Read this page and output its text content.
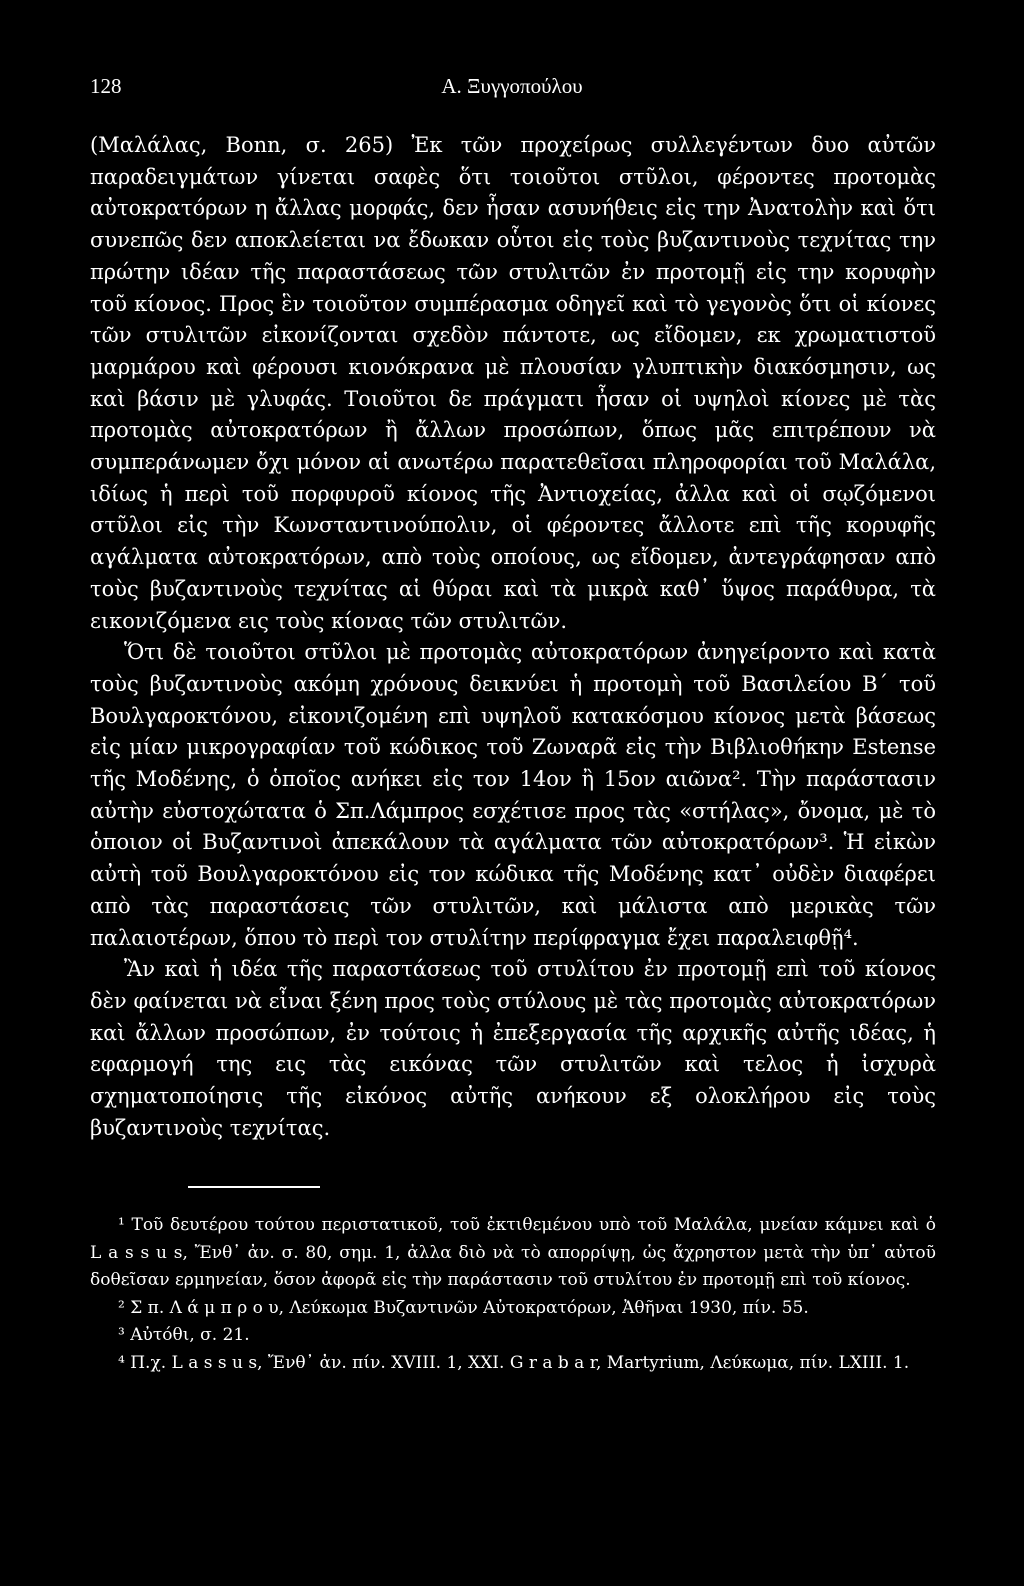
128	Α. Ξυγγοπούλου

(Μαλάλας, Bonn, σ. 265) Ἐκ τῶν προχείρως συλλεγέντων δυο αὐτῶν παραδειγμάτων γίνεται σαφὲς ὅτι τοιοῦτοι στῦλοι, φέροντες προτομὰς αὐτοκρατόρων η ἄλλας μορφάς, δεν ἦσαν ασυνήθεις εἰς την Ἀνατολὴν καὶ ὅτι συνεπῶς δεν αποκλείεται να ἔδωκαν οὗτοι εἰς τοὺς βυζαντινοὺς τεχνίτας την πρώτην ιδέαν τῆς παραστάσεως τῶν στυλιτῶν ἐν προτομῇ εἰς την κορυφὴν τοῦ κίονος. Προς ἓν τοιοῦτον συμπέρασμα οδηγεῖ καὶ τὸ γεγονὸς ὅτι οἱ κίονες τῶν στυλιτῶν εἰκονίζονται σχεδὸν πάντοτε, ως εἴδομεν, εκ χρωματιστοῦ μαρμάρου καὶ φέρουσι κιονόκρανα μὲ πλουσίαν γλυπτικὴν διακόσμησιν, ως καὶ βάσιν μὲ γλυφάς. Τοιοῦτοι δε πράγματι ἦσαν οἱ υψηλοὶ κίονες μὲ τὰς προτομὰς αὐτοκρατόρων ἢ ἄλλων προσώπων, ὅπως μᾶς επιτρέπουν νὰ συμπεράνωμεν ὄχι μόνον αἱ ανωτέρω παρατεθεῖσαι πληροφορίαι τοῦ Μαλάλα, ιδίως ἡ περὶ τοῦ πορφυροῦ κίονος τῆς Ἀντιοχείας, ἀλλα καὶ οἱ σῳζόμενοι στῦλοι εἰς τὴν Κωνσταντινούπολιν, οἱ φέροντες ἄλλοτε επὶ τῆς κορυφῆς αγάλματα αὐτοκρατόρων, απὸ τοὺς οποίους, ως εἴδομεν, ἀντεγράφησαν απὸ τοὺς βυζαντινοὺς τεχνίτας αἱ θύραι καὶ τὰ μικρὰ καθ᾽ ὕψος παράθυρα, τὰ εικονιζόμενα εις τοὺς κίονας τῶν στυλιτῶν.

Ὅτι δὲ τοιοῦτοι στῦλοι μὲ προτομὰς αὐτοκρατόρων ἀνηγείροντο καὶ κατὰ τοὺς βυζαντινοὺς ακόμη χρόνους δεικνύει ἡ προτομὴ τοῦ Βασιλείου Β΄ τοῦ Βουλγαροκτόνου, εἰκονιζομένη επὶ υψηλοῦ κατακόσμου κίονος μετὰ βάσεως εἰς μίαν μικρογραφίαν τοῦ κώδικος τοῦ Ζωναρᾶ εἰς τὴν Βιβλιοθήκην Estense τῆς Μοδένης, ὁ ὁποῖος ανήκει εἰς τον 14ον ἢ 15ον αιῶνα². Τὴν παράστασιν αὐτὴν εὐστοχώτατα ὁ Σπ.Λάμπρος εσχέτισε προς τὰς «στήλας», ὄνομα, μὲ τὸ ὁποιον οἱ Βυζαντινοὶ ἀπεκάλουν τὰ αγάλματα τῶν αὐτοκρατόρων³. Ἡ εἰκὼν αὐτὴ τοῦ Βουλγαροκτόνου εἰς τον κώδικα τῆς Μοδένης κατ᾽ οὐδὲν διαφέρει απὸ τὰς παραστάσεις τῶν στυλιτῶν, καὶ μάλιστα απὸ μερικὰς τῶν παλαιοτέρων, ὅπου τὸ περὶ τον στυλίτην περίφραγμα ἔχει παραλειφθῇ⁴.

Ἂν καὶ ἡ ιδέα τῆς παραστάσεως τοῦ στυλίτου ἐν προτομῇ επὶ τοῦ κίονος δὲν φαίνεται νὰ εἶναι ξένη προς τοὺς στύλους μὲ τὰς προτομὰς αὐτοκρατόρων καὶ ἄλλων προσώπων, ἐν τούτοις ἡ ἐπεξεργασία τῆς αρχικῆς αὐτῆς ιδέας, ἡ εφαρμογή της εις τὰς εικόνας τῶν στυλιτῶν καὶ τελος ἡ ἰσχυρὰ σχηματοποίησις τῆς εἰκόνος αὐτῆς ανήκουν εξ ολοκλήρου εἰς τοὺς βυζαντινοὺς τεχνίτας.

¹ Τοῦ δευτέρου τούτου περιστατικοῦ, τοῦ ἐκτιθεμένου υπὸ τοῦ Μαλάλα, μνείαν κάμνει καὶ ὁ L a s s u s, Ἔνθ᾽ ἀν. σ. 80, σημ. 1, ἀλλα διὸ νὰ τὸ απορρίψῃ, ὡς ἄχρηστον μετὰ τὴν ὑπ᾽ αὐτοῦ δοθεῖσαν ερμηνείαν, ὅσον ἀφορᾶ εἰς τὴν παράστασιν τοῦ στυλίτου ἐν προτομῇ επὶ τοῦ κίονος.

² Σ π. Λ ά μ π ρ ο υ, Λεύκωμα Βυζαντινῶν Αὐτοκρατόρων, Ἀθῆναι 1930, πίν. 55.

³ Αὐτόθι, σ. 21.

⁴ Π.χ. L a s s u s, Ἔνθ᾽ ἀν. πίν. XVIII. 1, XXI. G r a b a r, Martyrium, Λεύκωμα, πίν. LXIII. 1.
